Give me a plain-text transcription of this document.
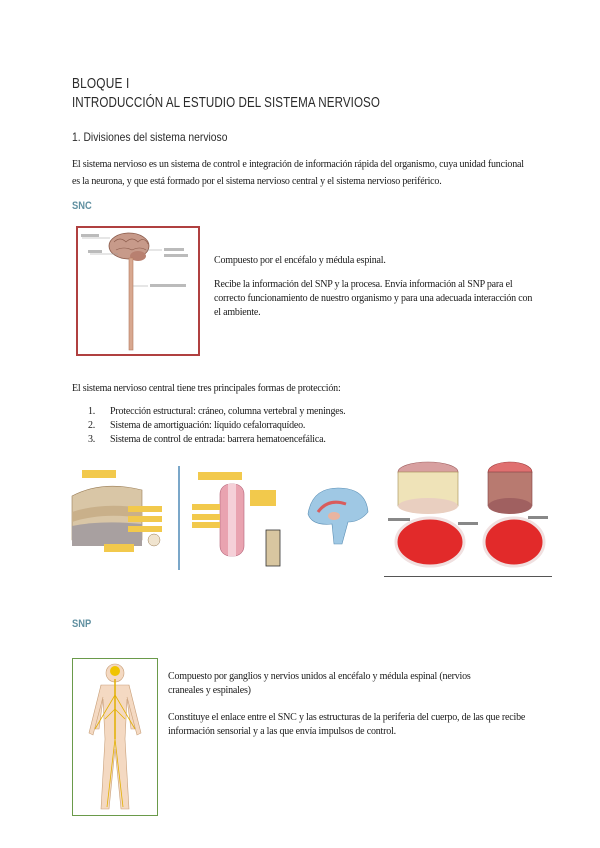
BLOQUE I
INTRODUCCIÓN AL ESTUDIO DEL SISTEMA NERVIOSO
1. Divisiones del sistema nervioso
El sistema nervioso es un sistema de control e integración de información rápida del organismo, cuya unidad funcional es la neurona, y que está formado por el sistema nervioso central y el sistema nervioso periférico.
SNC
Compuesto por el encéfalo y médula espinal.
Recibe la información del SNP y la procesa. Envía información al SNP para el correcto funcionamiento de nuestro organismo y para una adecuada interacción con el ambiente.
El sistema nervioso central tiene tres principales formas de protección:
1. Protección estructural: cráneo, columna vertebral y meninges.
2. Sistema de amortiguación: líquido cefalorraquídeo.
3. Sistema de control de entrada: barrera hematoencefálica.
SNP
Compuesto por ganglios y nervios unidos al encéfalo y médula espinal (nervios craneales y espinales)
Constituye el enlace entre el SNC y las estructuras de la periferia del cuerpo, de las que recibe información sensorial y a las que envía impulsos de control.
